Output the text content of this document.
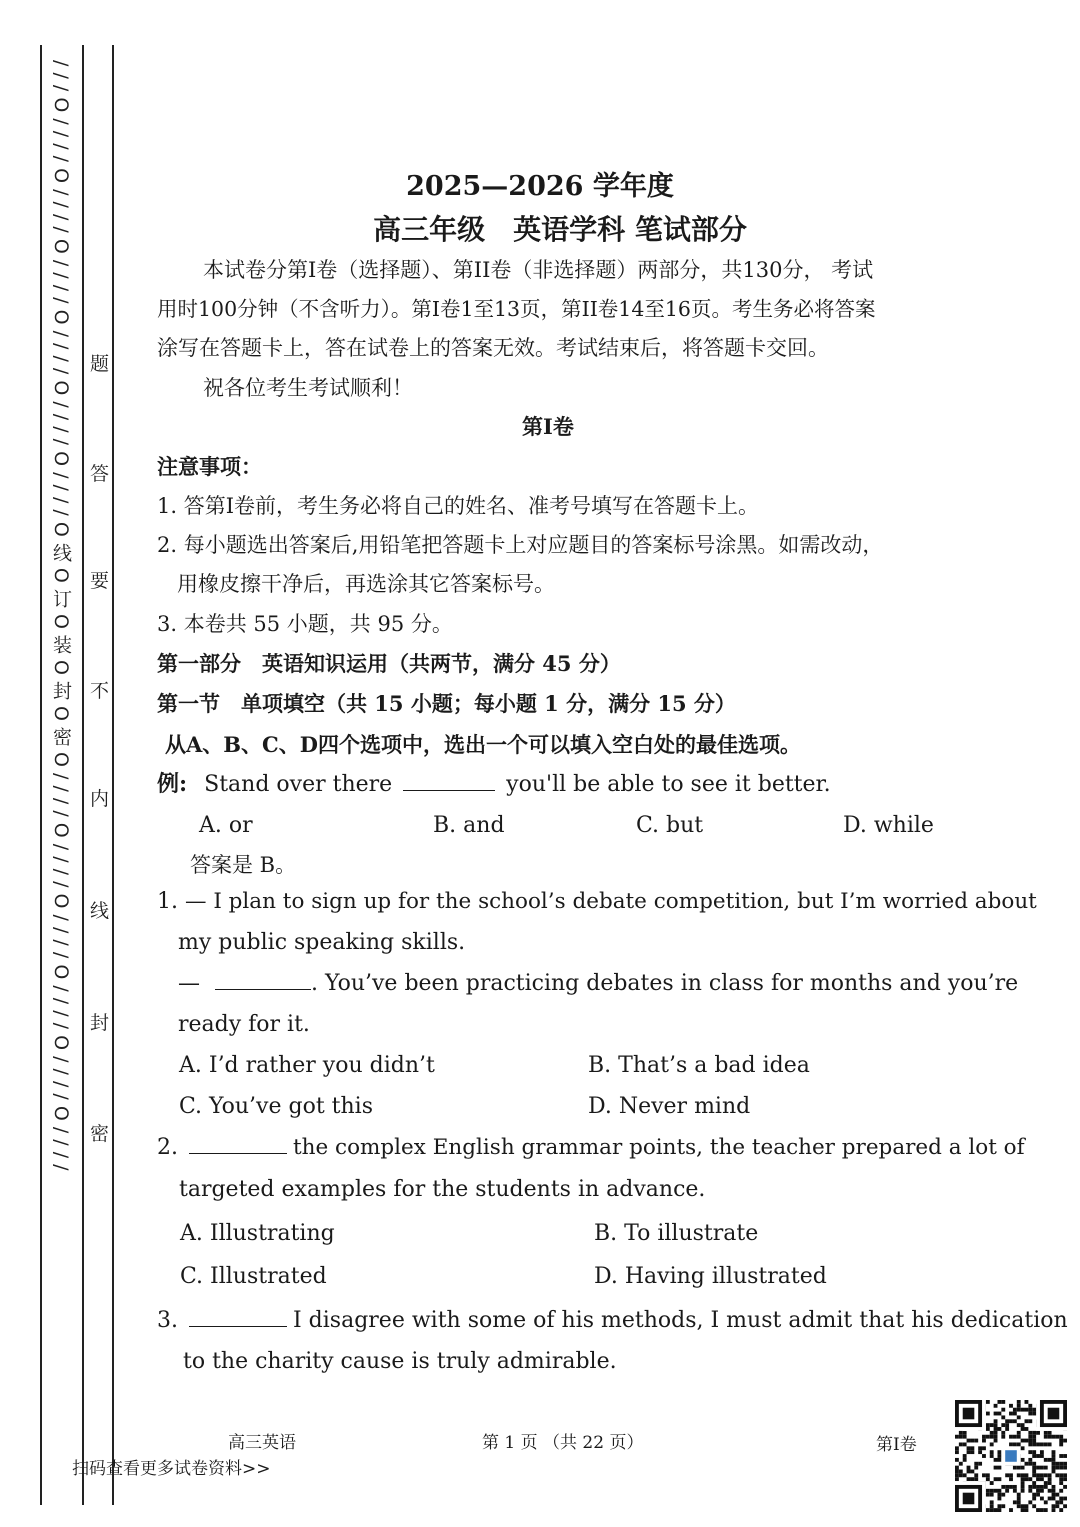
/ / / O / / / / O / / / / O / / / / O / / / / O / / / / O / / / / O 线 O 订 O 装 O 封 O 密 O / / / / O / / / / O / / / / O / / / / O / / / / O / / / / 题
答
要
不
内
线
封
密
2025—2026 学年度
高三年级　英语学科 笔试部分
本试卷分第I卷（选择题）、第II卷（非选择题）两部分，共130分， 考试
用时100分钟（不含听力）。第I卷1至13页，第II卷14至16页。考生务必将答案
涂写在答题卡上，答在试卷上的答案无效。考试结束后，将答题卡交回。
祝各位考生考试顺利！
第I卷
注意事项：
1. 答第I卷前，考生务必将自己的姓名、准考号填写在答题卡上。
2. 每小题选出答案后,用铅笔把答题卡上对应题目的答案标号涂黑。如需改动，
用橡皮擦干净后，再选涂其它答案标号。
3. 本卷共 55 小题，共 95 分。
第一部分　英语知识运用（共两节，满分 45 分）
第一节　单项填空（共 15 小题；每小题 1 分，满分 15 分）
从A、B、C、D四个选项中，选出一个可以填入空白处的最佳选项。
例: Stand over there	you'll be able to see it better.
A. or	B. and	C. but	D. while
答案是 B。
1. — I plan to sign up for the school’s debate competition, but I’m worried about
my public speaking skills.
—	. You’ve been practicing debates in class for months and you’re
ready for it.
A. I’d rather you didn’t	B. That’s a bad idea
C. You’ve got this	D. Never mind
2.	the complex English grammar points, the teacher prepared a lot of
targeted examples for the students in advance.
A. Illustrating	B. To illustrate
C. Illustrated	D. Having illustrated
3.	I disagree with some of his methods, I must admit that his dedication
to the charity cause is truly admirable.
高三英语	第 1 页 （共 22 页）	第I卷
扫码查看更多试卷资料>>
